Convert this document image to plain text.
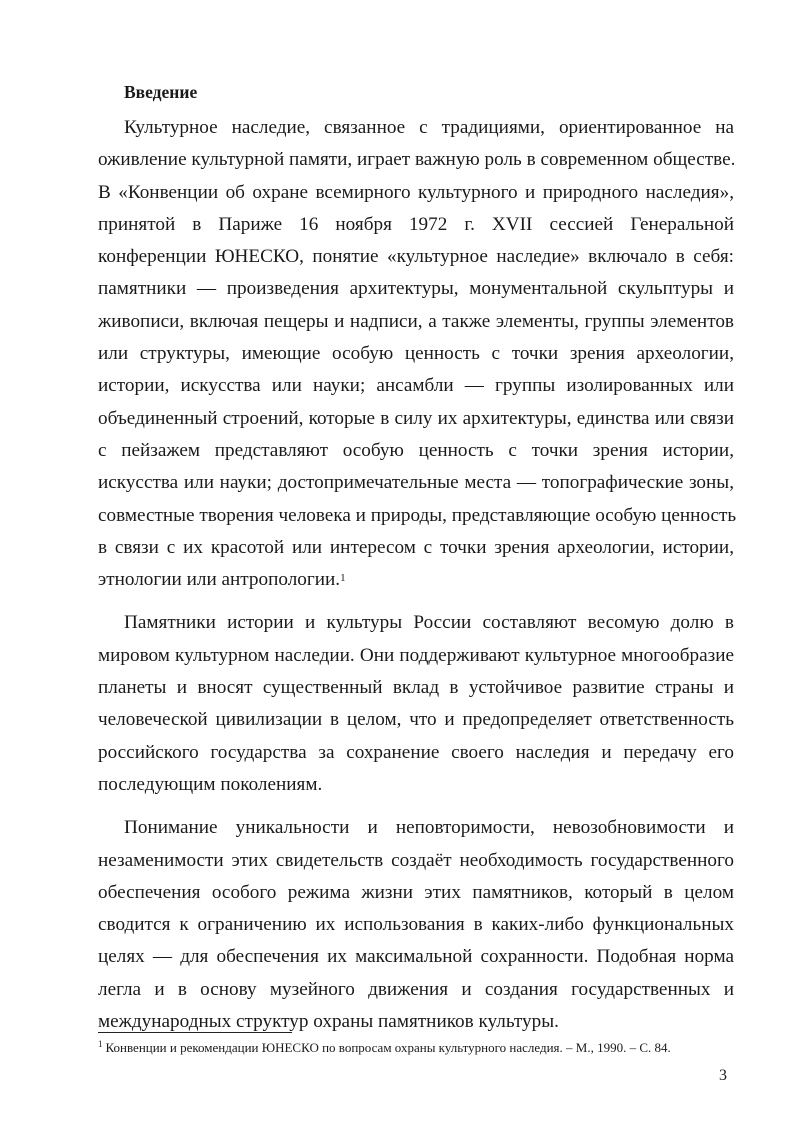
Введение

Культурное наследие, связанное с традициями, ориентированное на
оживление культурной памяти, играет важную роль в современном обществе.
В «Конвенции об охране всемирного культурного и природного наследия»,
принятой в Париже 16 ноября 1972 г. XVII сессией Генеральной
конференции ЮНЕСКО, понятие «культурное наследие» включало в себя:
памятники — произведения архитектуры, монументальной скульптуры и
живописи, включая пещеры и надписи, а также элементы, группы элементов
или структуры, имеющие особую ценность с точки зрения археологии,
истории, искусства или науки; ансамбли — группы изолированных или
объединенный строений, которые в силу их архитектуры, единства или связи
с пейзажем представляют особую ценность с точки зрения истории,
искусства или науки; достопримечательные места — топографические зоны,
совместные творения человека и природы, представляющие особую ценность
в связи с их красотой или интересом с точки зрения археологии, истории,
этнологии или антропологии.$^1$

Памятники истории и культуры России составляют весомую долю в
мировом культурном наследии. Они поддерживают культурное многообразие
планеты и вносят существенный вклад в устойчивое развитие страны и
человеческой цивилизации в целом, что и предопределяет ответственность
российского государства за сохранение своего наследия и передачу его
последующим поколениям.

Понимание уникальности и неповторимости, невозобновимости и
незаменимости этих свидетельств создаёт необходимость государственного
обеспечения особого режима жизни этих памятников, который в целом
сводится к ограничению их использования в каких-либо функциональных
целях — для обеспечения их максимальной сохранности. Подобная норма
легла и в основу музейного движения и создания государственных и
международных структур охраны памятников культуры.

$^1$ Конвенции и рекомендации ЮНЕСКО по вопросам охраны культурного наследия. – М., 1990. – С. 84.
3
